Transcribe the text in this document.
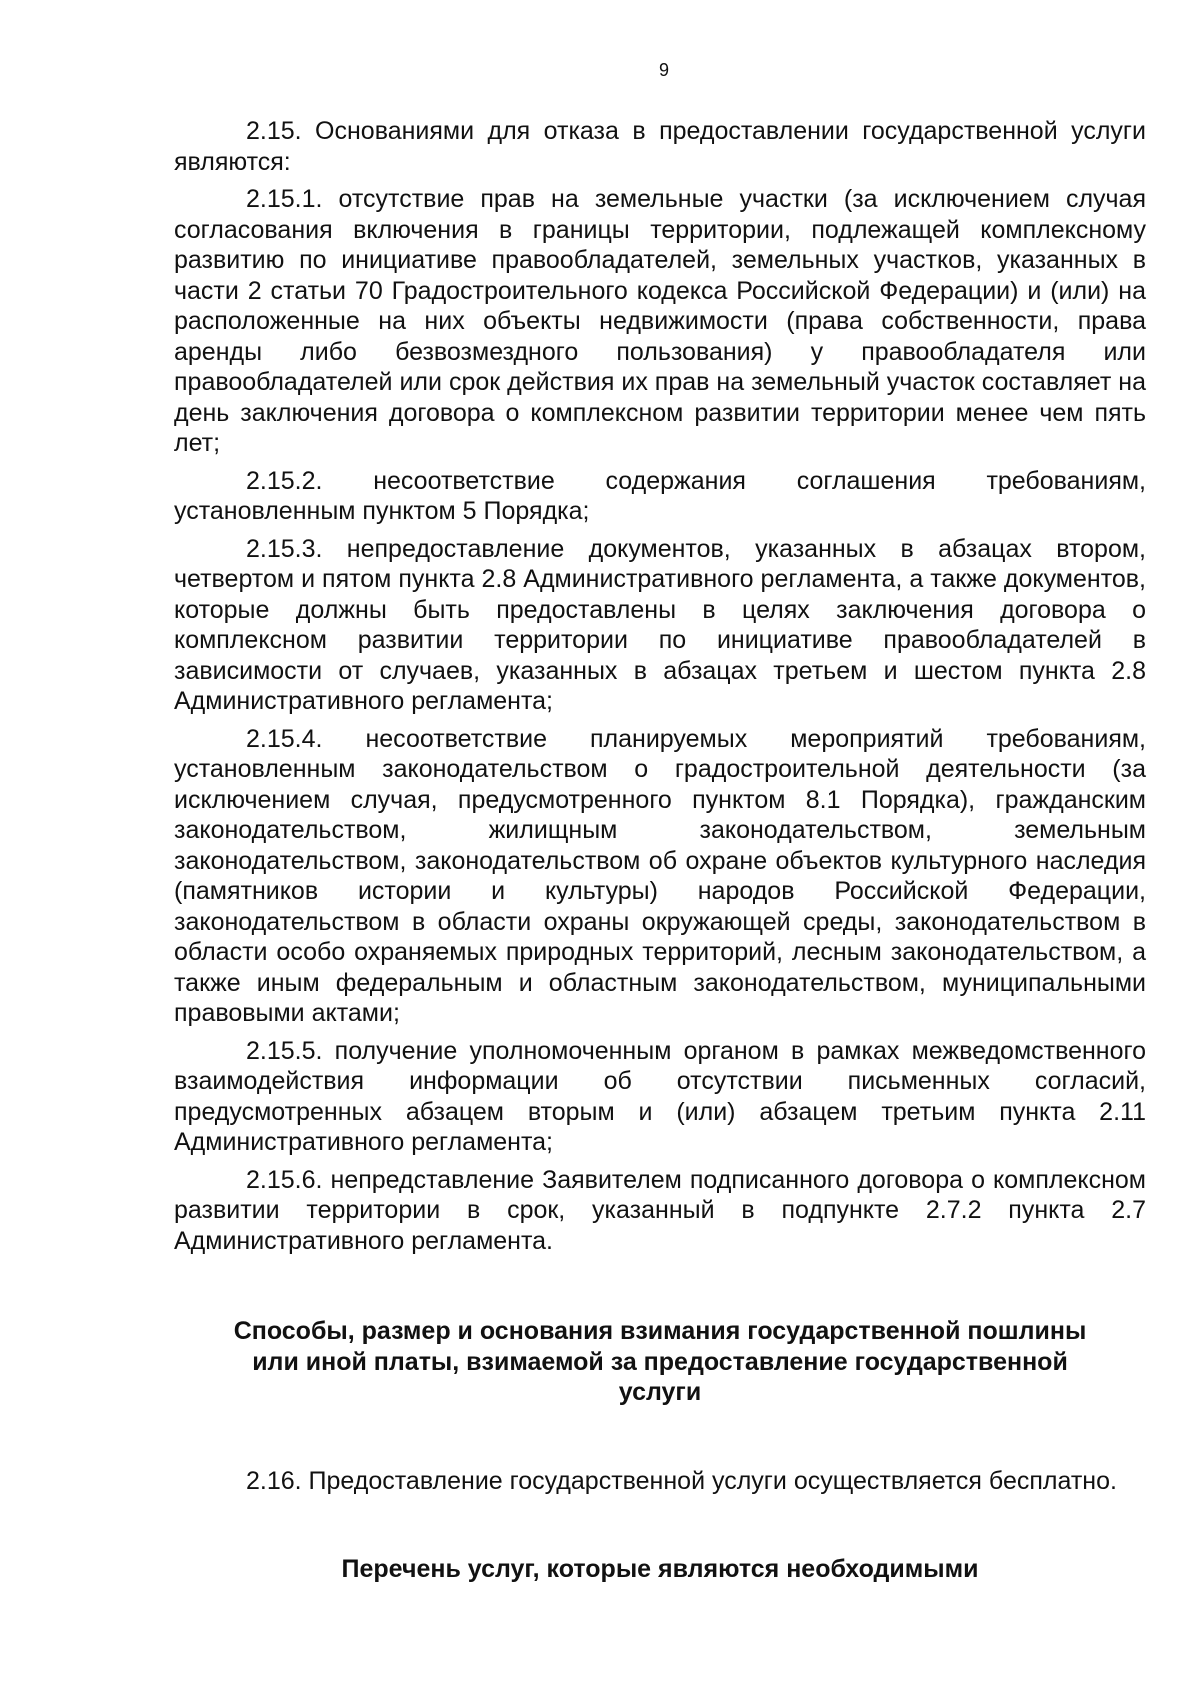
9

2.15. Основаниями для отказа в предоставлении государственной услуги являются:

2.15.1. отсутствие прав на земельные участки (за исключением случая согласования включения в границы территории, подлежащей комплексному развитию по инициативе правообладателей, земельных участков, указанных в части 2 статьи 70 Градостроительного кодекса Российской Федерации) и (или) на расположенные на них объекты недвижимости (права собственности, права аренды либо безвозмездного пользования) у правообладателя или правообладателей или срок действия их прав на земельный участок составляет на день заключения договора о комплексном развитии территории менее чем пять лет;

2.15.2. несоответствие содержания соглашения требованиям, установленным пунктом 5 Порядка;

2.15.3. непредоставление документов, указанных в абзацах втором, четвертом и пятом пункта 2.8 Административного регламента, а также документов, которые должны быть предоставлены в целях заключения договора о комплексном развитии территории по инициативе правообладателей в зависимости от случаев, указанных в абзацах третьем и шестом пункта 2.8 Административного регламента;

2.15.4. несоответствие планируемых мероприятий требованиям, установленным законодательством о градостроительной деятельности (за исключением случая, предусмотренного пунктом 8.1 Порядка), гражданским законодательством, жилищным законодательством, земельным законодательством, законодательством об охране объектов культурного наследия (памятников истории и культуры) народов Российской Федерации, законодательством в области охраны окружающей среды, законодательством в области особо охраняемых природных территорий, лесным законодательством, а также иным федеральным и областным законодательством, муниципальными правовыми актами;

2.15.5. получение уполномоченным органом в рамках межведомственного взаимодействия информации об отсутствии письменных согласий, предусмотренных абзацем вторым и (или) абзацем третьим пункта 2.11 Административного регламента;

2.15.6. непредставление Заявителем подписанного договора о комплексном развитии территории в срок, указанный в подпункте 2.7.2 пункта 2.7 Административного регламента.

Способы, размер и основания взимания государственной пошлины
или иной платы, взимаемой за предоставление государственной
услуги

2.16. Предоставление государственной услуги осуществляется бесплатно.

Перечень услуг, которые являются необходимыми
